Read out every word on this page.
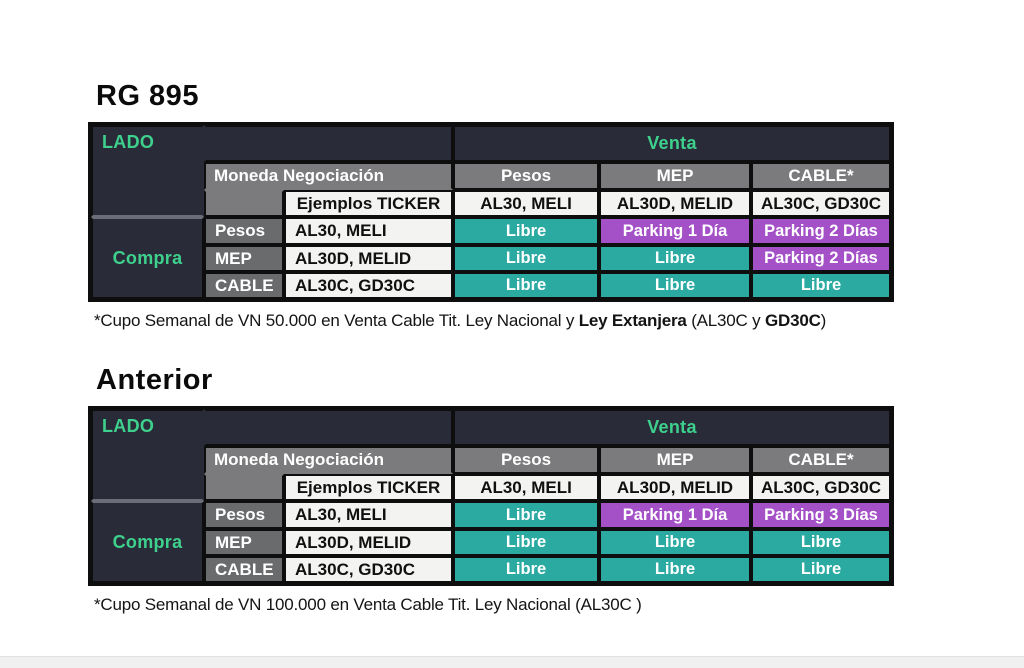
RG 895
LADO	Venta
Moneda Negociación	Pesos	MEP	CABLE*
Ejemplos TICKER	AL30, MELI	AL30D, MELID	AL30C, GD30C
Compra
Pesos	AL30, MELI	Libre	Parking 1 Día	Parking 2 Días
MEP	AL30D, MELID	Libre	Libre	Parking 2 Días
CABLE	AL30C, GD30C	Libre	Libre	Libre
*Cupo Semanal de VN 50.000 en Venta Cable Tit. Ley Nacional y Ley Extanjera (AL30C y GD30C)
Anterior
LADO	Venta
Moneda Negociación	Pesos	MEP	CABLE*
Ejemplos TICKER	AL30, MELI	AL30D, MELID	AL30C, GD30C
Compra
Pesos	AL30, MELI	Libre	Parking 1 Día	Parking 3 Días
MEP	AL30D, MELID	Libre	Libre	Libre
CABLE	AL30C, GD30C	Libre	Libre	Libre
*Cupo Semanal de VN 100.000 en Venta Cable Tit. Ley Nacional (AL30C )
